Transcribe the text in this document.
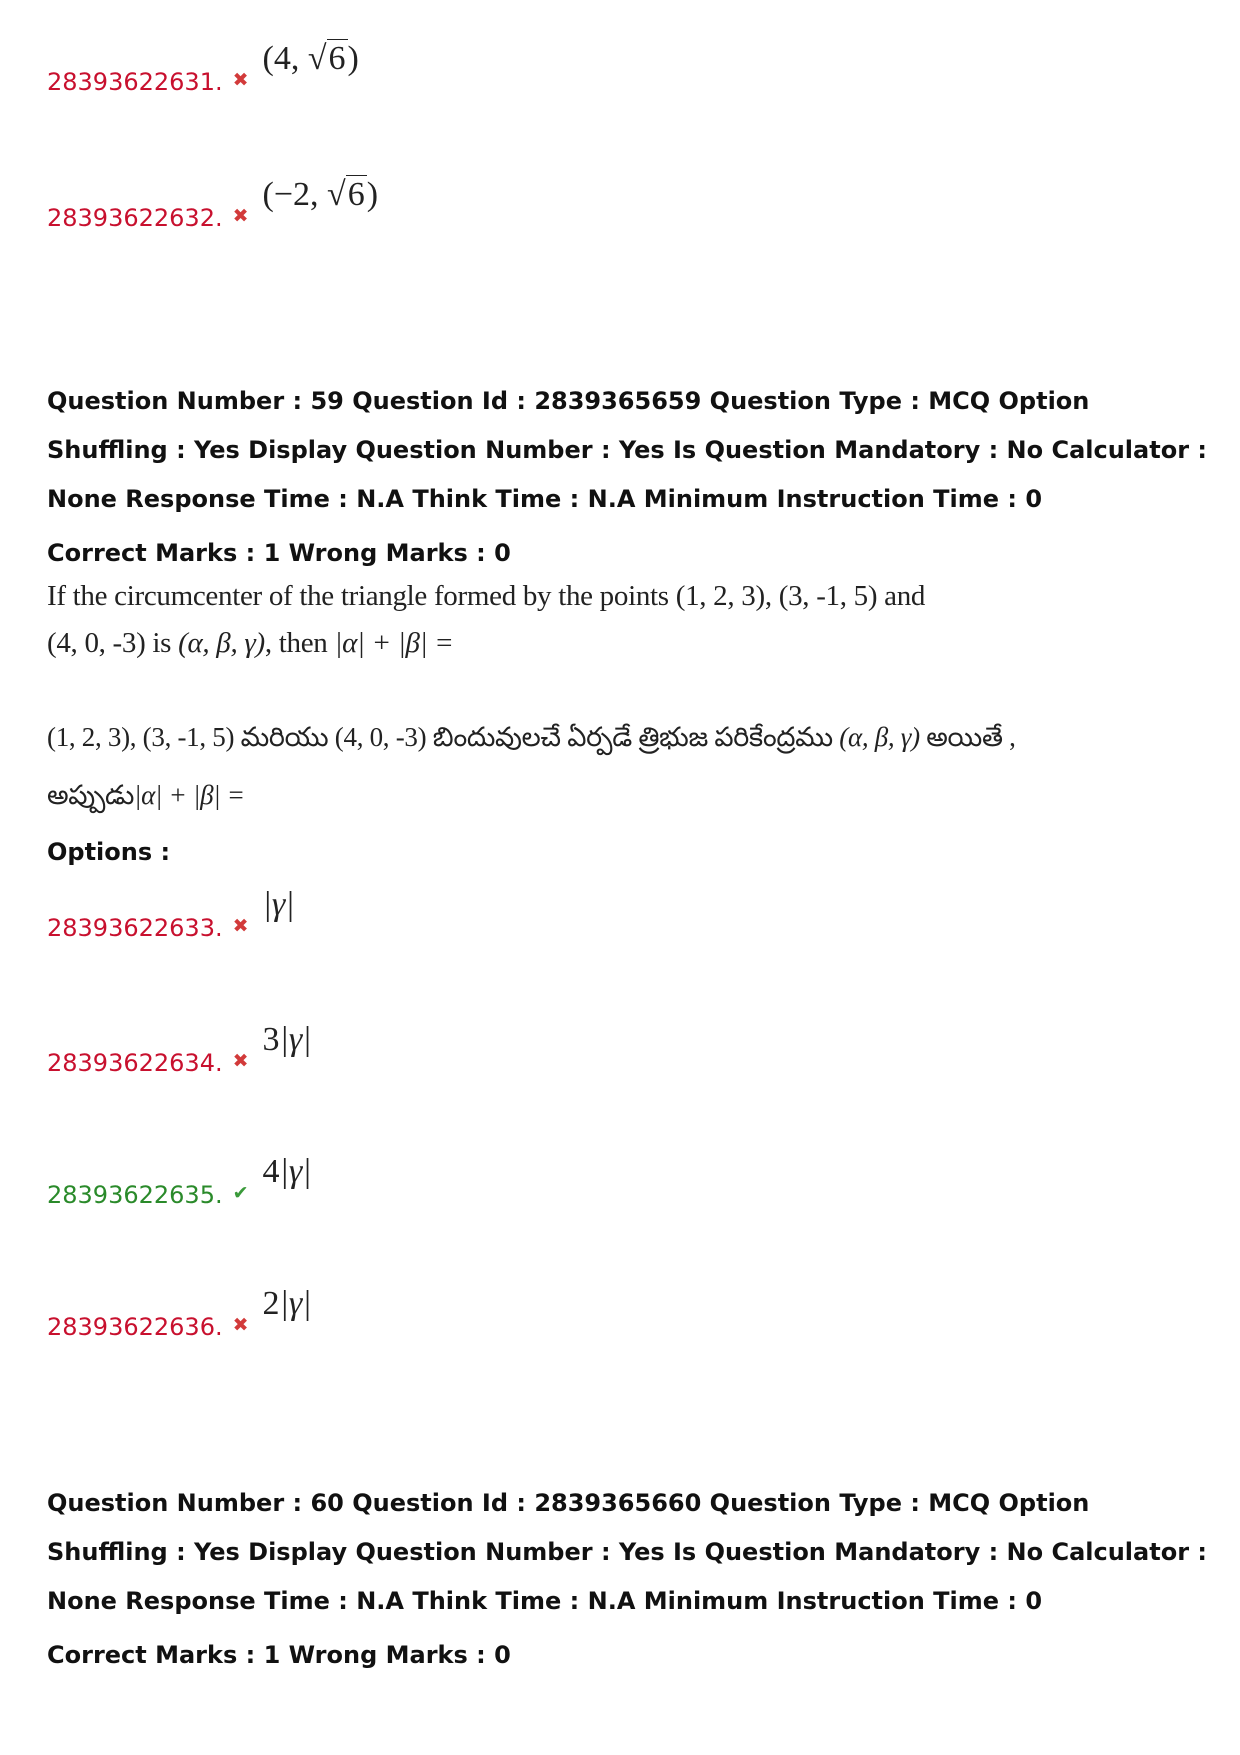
28393622631. ✖
(4, √6)
28393622632. ✖
(−2, √6)
Question Number : 59 Question Id : 2839365659 Question Type : MCQ Option Shuffling : Yes Display Question Number : Yes Is Question Mandatory : No Calculator : None Response Time : N.A Think Time : N.A Minimum Instruction Time : 0
Correct Marks : 1 Wrong Marks : 0
If the circumcenter of the triangle formed by the points (1, 2, 3), (3, -1, 5) and
(4, 0, -3) is (α, β, γ), then |α| + |β| =
(1, 2, 3), (3, -1, 5) మరియు (4, 0, -3) బిందువులచే ఏర్పడే త్రిభుజ పరికేంద్రము (α, β, γ) అయితే ,
అప్పుడు|α| + |β| =
Options :
28393622633. ✖
|γ|
28393622634. ✖
3|γ|
28393622635. ✔
4|γ|
28393622636. ✖
2|γ|
Question Number : 60 Question Id : 2839365660 Question Type : MCQ Option Shuffling : Yes Display Question Number : Yes Is Question Mandatory : No Calculator : None Response Time : N.A Think Time : N.A Minimum Instruction Time : 0
Correct Marks : 1 Wrong Marks : 0
